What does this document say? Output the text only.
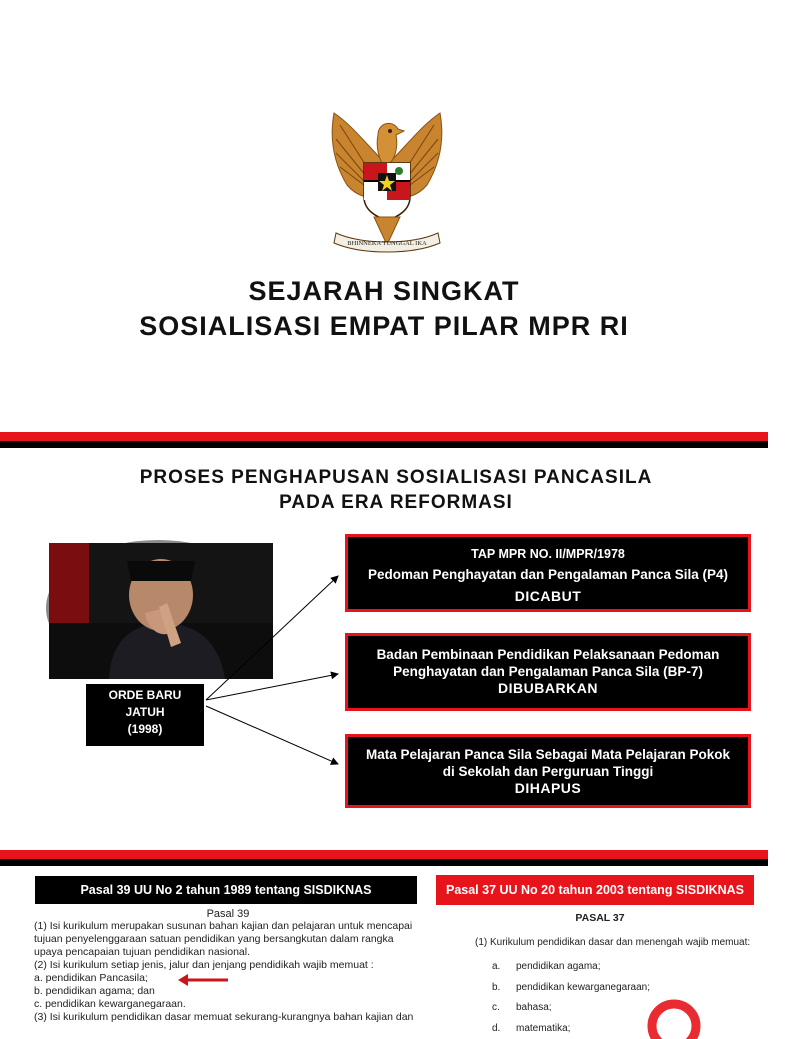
BHINNEKA TUNGGAL IKA
SEJARAH SINGKAT
SOSIALISASI EMPAT PILAR MPR RI
PROSES PENGHAPUSAN SOSIALISASI PANCASILA
PADA ERA REFORMASI
ORDE BARU
JATUH
(1998)
TAP MPR NO. II/MPR/1978
Pedoman Penghayatan dan Pengalaman Panca Sila (P4)
DICABUT
Badan Pembinaan Pendidikan Pelaksanaan Pedoman
Penghayatan dan Pengalaman Panca Sila (BP-7)
DIBUBARKAN
Mata Pelajaran Panca Sila Sebagai Mata Pelajaran Pokok
di Sekolah dan Perguruan Tinggi
DIHAPUS
Pasal 39 UU No 2 tahun 1989 tentang SISDIKNAS	Pasal 37 UU No 20 tahun 2003 tentang SISDIKNAS
Pasal 39
(1) Isi kurikulum merupakan susunan bahan kajian dan pelajaran untuk mencapai
tujuan penyelenggaraan satuan pendidikan yang bersangkutan dalam rangka
upaya pencapaian tujuan pendidikan nasional.
(2) Isi kurikulum setiap jenis, jalur dan jenjang pendidikah wajib memuat :
a. pendidikan Pancasila;
b. pendidikan agama; dan
c. pendidikan kewarganegaraan.
(3) Isi kurikulum pendidikan dasar memuat sekurang-kurangnya bahan kajian dan
PASAL 37
(1) Kurikulum pendidikan dasar dan menengah wajib memuat:
a. pendidikan agama;
b. pendidikan kewarganegaraan;
c. bahasa;
d. matematika;
